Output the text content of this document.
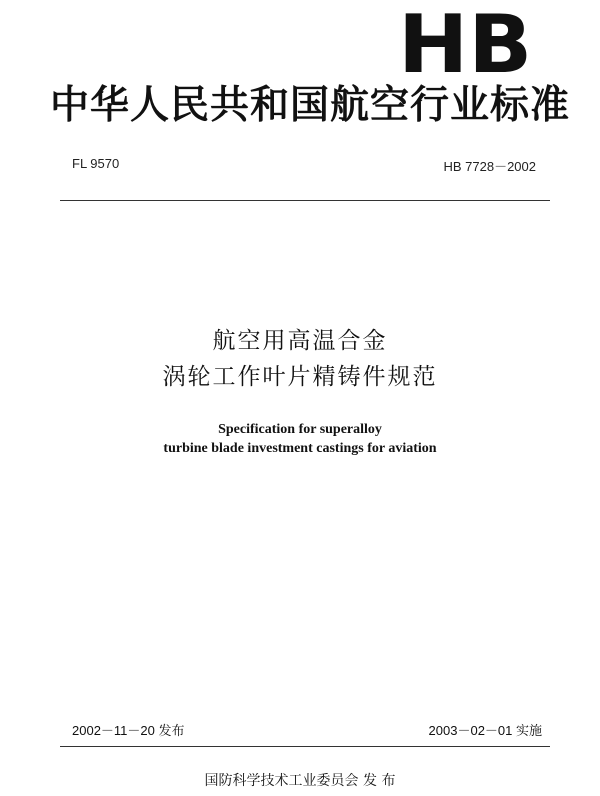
HB
中华人民共和国航空行业标准
FL 9570	HB 7728－2002
航空用高温合金
涡轮工作叶片精铸件规范
Specification for superalloy
turbine blade investment castings for aviation
2002－11－20 发布	2003－02－01 实施
国防科学技术工业委员会 发 布
